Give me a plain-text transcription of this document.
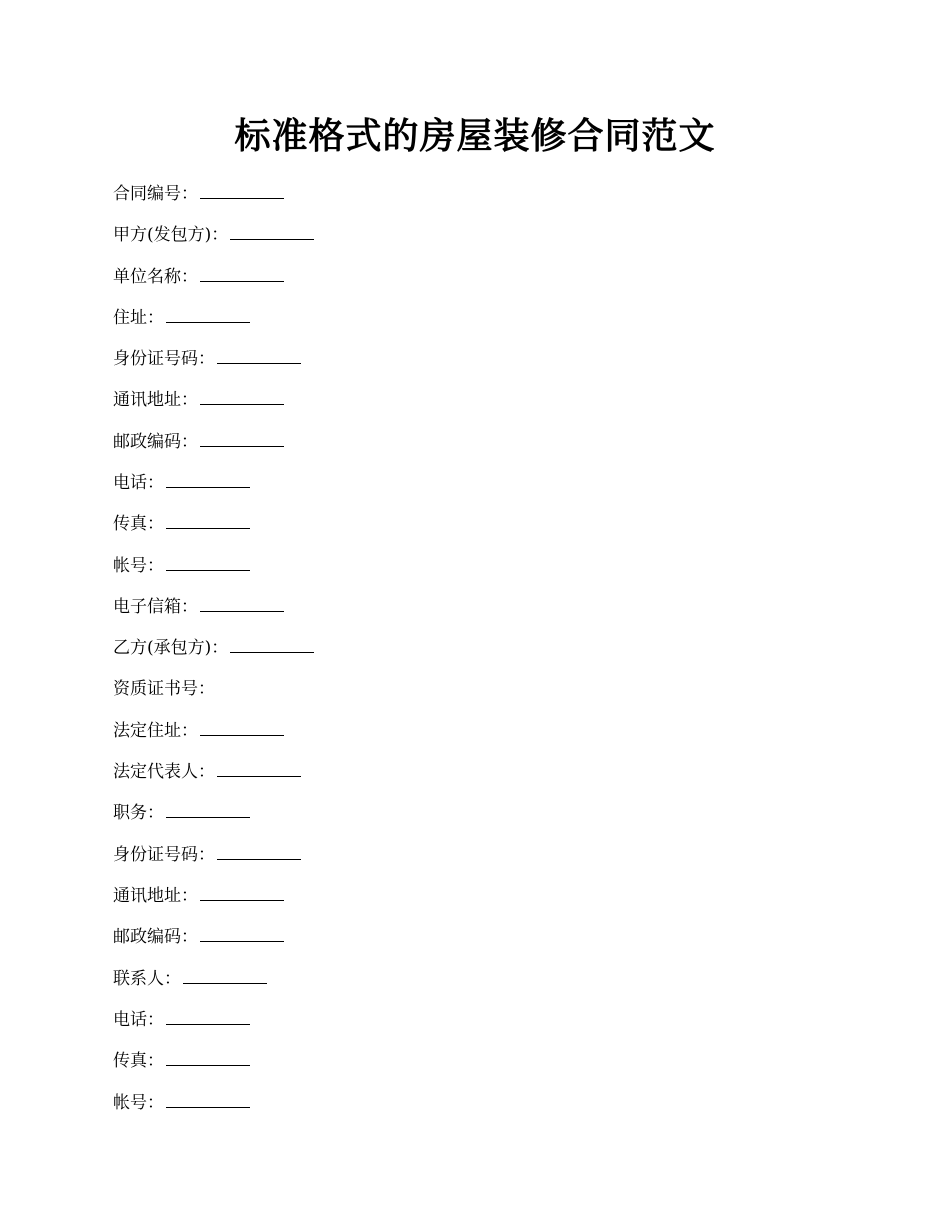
标准格式的房屋装修合同范文
合同编号：
甲方(发包方)：
单位名称：
住址：
身份证号码：
通讯地址：
邮政编码：
电话：
传真：
帐号：
电子信箱：
乙方(承包方)：
资质证书号：
法定住址：
法定代表人：
职务：
身份证号码：
通讯地址：
邮政编码：
联系人：
电话：
传真：
帐号：
